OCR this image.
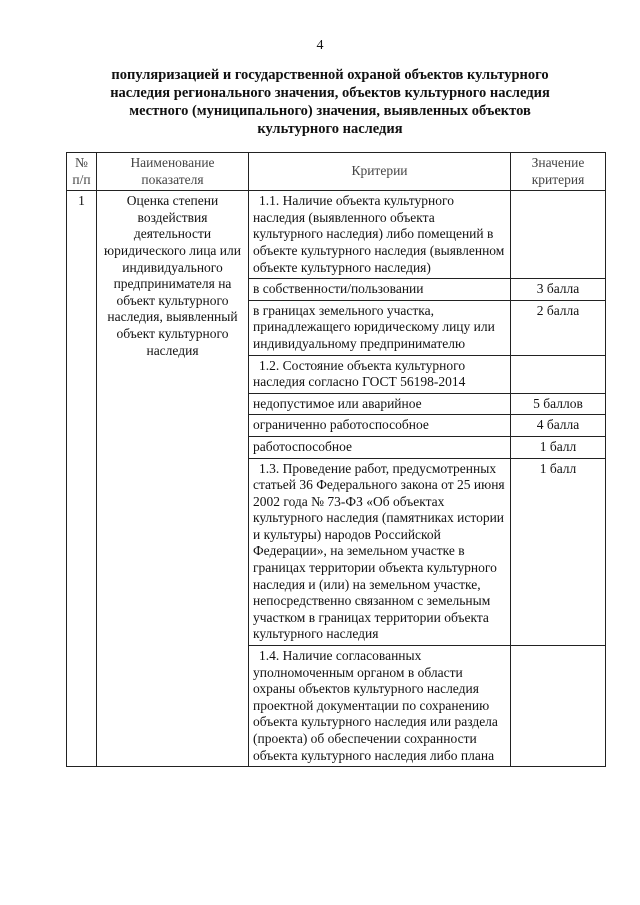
4
популяризацией и государственной охраной объектов культурного
наследия регионального значения, объектов культурного наследия
местного (муниципального) значения, выявленных объектов
культурного наследия
№ п/п	Наименование показателя	Критерии	Значение критерия
1	Оценка степени воздействия деятельности юридического лица или индивидуального предпринимателя на объект культурного наследия, выявленный объект культурного наследия	1.1. Наличие объекта культурного наследия (выявленного объекта культурного наследия) либо помещений в объекте культурного наследия (выявленном объекте культурного наследия)	
		в собственности/пользовании	3 балла
		в границах земельного участка, принадлежащего юридическому лицу или индивидуальному предпринимателю	2 балла
		1.2. Состояние объекта культурного наследия согласно ГОСТ 56198-2014	
		недопустимое или аварийное	5 баллов
		ограниченно работоспособное	4 балла
		работоспособное	1 балл
		1.3. Проведение работ, предусмотренных статьей 36 Федерального закона от 25 июня 2002 года № 73-ФЗ «Об объектах культурного наследия (памятниках истории и культуры) народов Российской Федерации», на земельном участке в границах территории объекта культурного наследия и (или) на земельном участке, непосредственно связанном с земельным участком в границах территории объекта культурного наследия	1 балл
		1.4. Наличие согласованных уполномоченным органом в области охраны объектов культурного наследия проектной документации по сохранению объекта культурного наследия или раздела (проекта) об обеспечении сохранности объекта культурного наследия либо плана	
